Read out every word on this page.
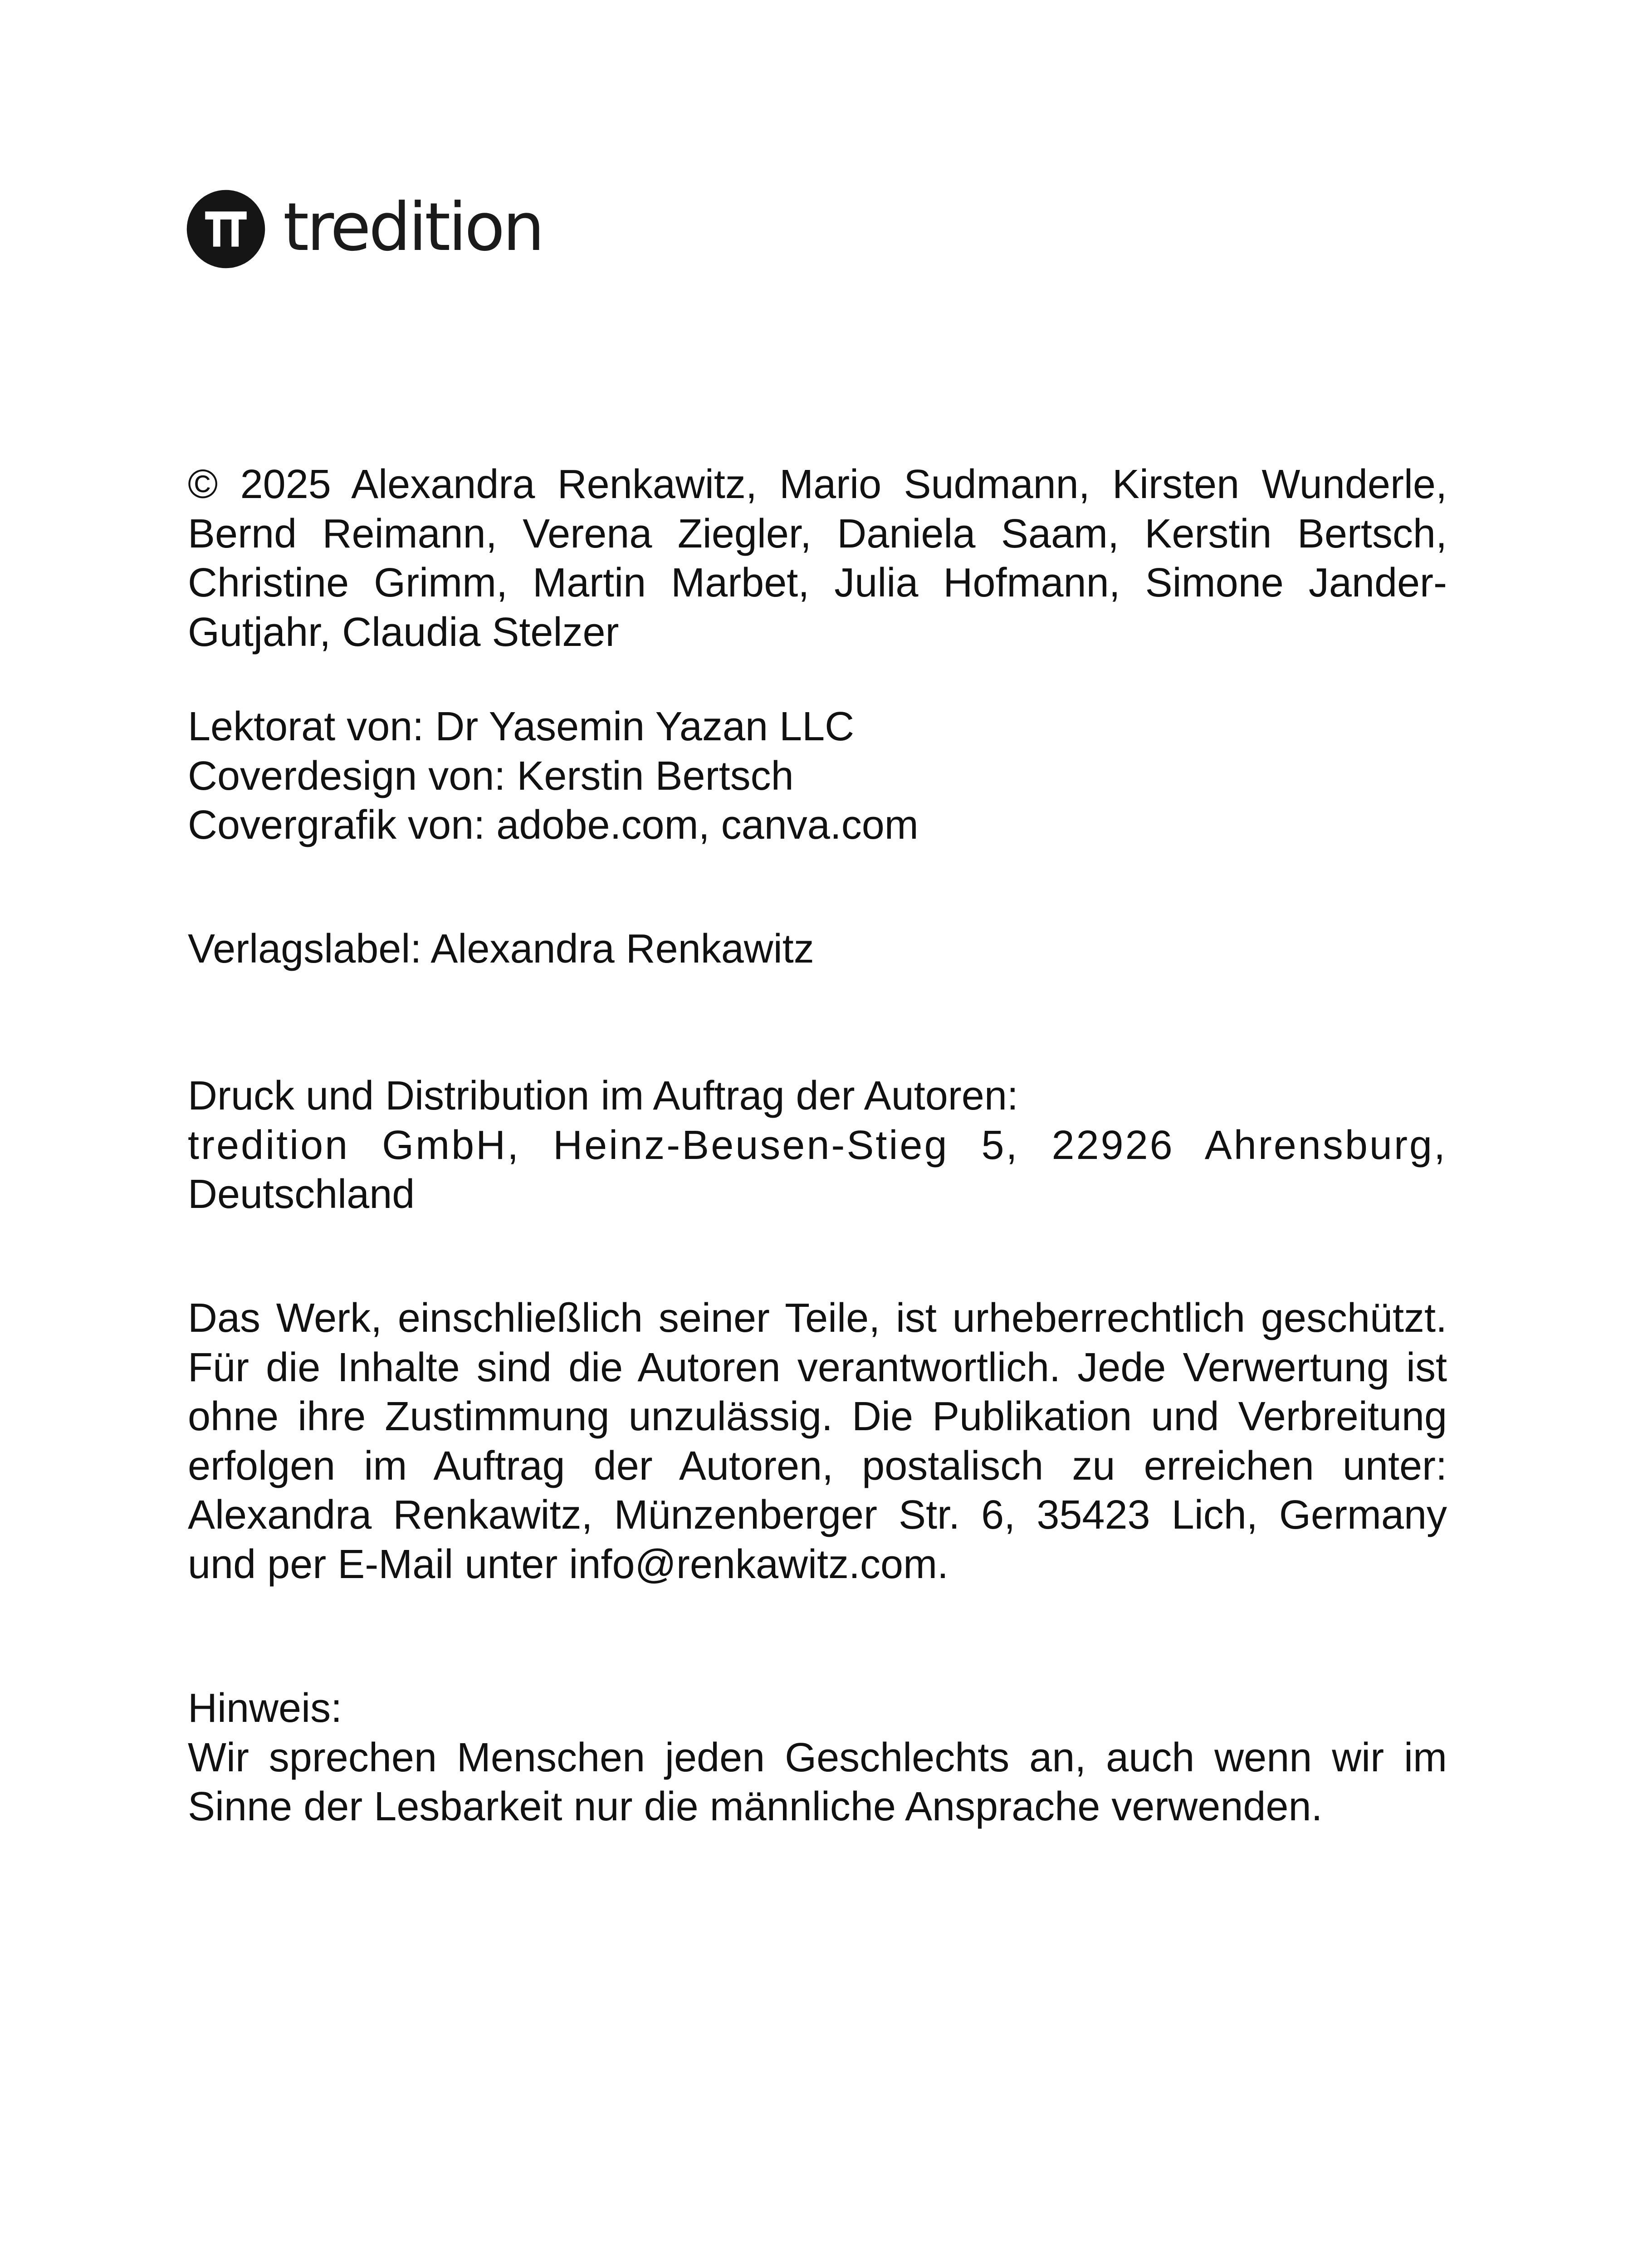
tredition
© 2025 Alexandra Renkawitz, Mario Sudmann, Kirsten Wunderle, Bernd Reimann, Verena Ziegler, Daniela Saam, Kerstin Bertsch, Christine Grimm, Martin Marbet, Julia Hofmann, Simone Jander-Gutjahr, Claudia Stelzer
Lektorat von: Dr Yasemin Yazan LLC
Coverdesign von: Kerstin Bertsch
Covergrafik von: adobe.com, canva.com
Verlagslabel: Alexandra Renkawitz
Druck und Distribution im Auftrag der Autoren:
tredition GmbH, Heinz-Beusen-Stieg 5, 22926 Ahrensburg,
Deutschland
Das Werk, einschließlich seiner Teile, ist urheberrechtlich geschützt. Für die Inhalte sind die Autoren verantwortlich. Jede Verwertung ist ohne ihre Zustimmung unzulässig. Die Publikation und Verbreitung erfolgen im Auftrag der Autoren, postalisch zu erreichen unter: Alexandra Renkawitz, Münzenberger Str. 6, 35423 Lich, Germany und per E-Mail unter info@renkawitz.com.
Hinweis:
Wir sprechen Menschen jeden Geschlechts an, auch wenn wir im Sinne der Lesbarkeit nur die männliche Ansprache verwenden.
